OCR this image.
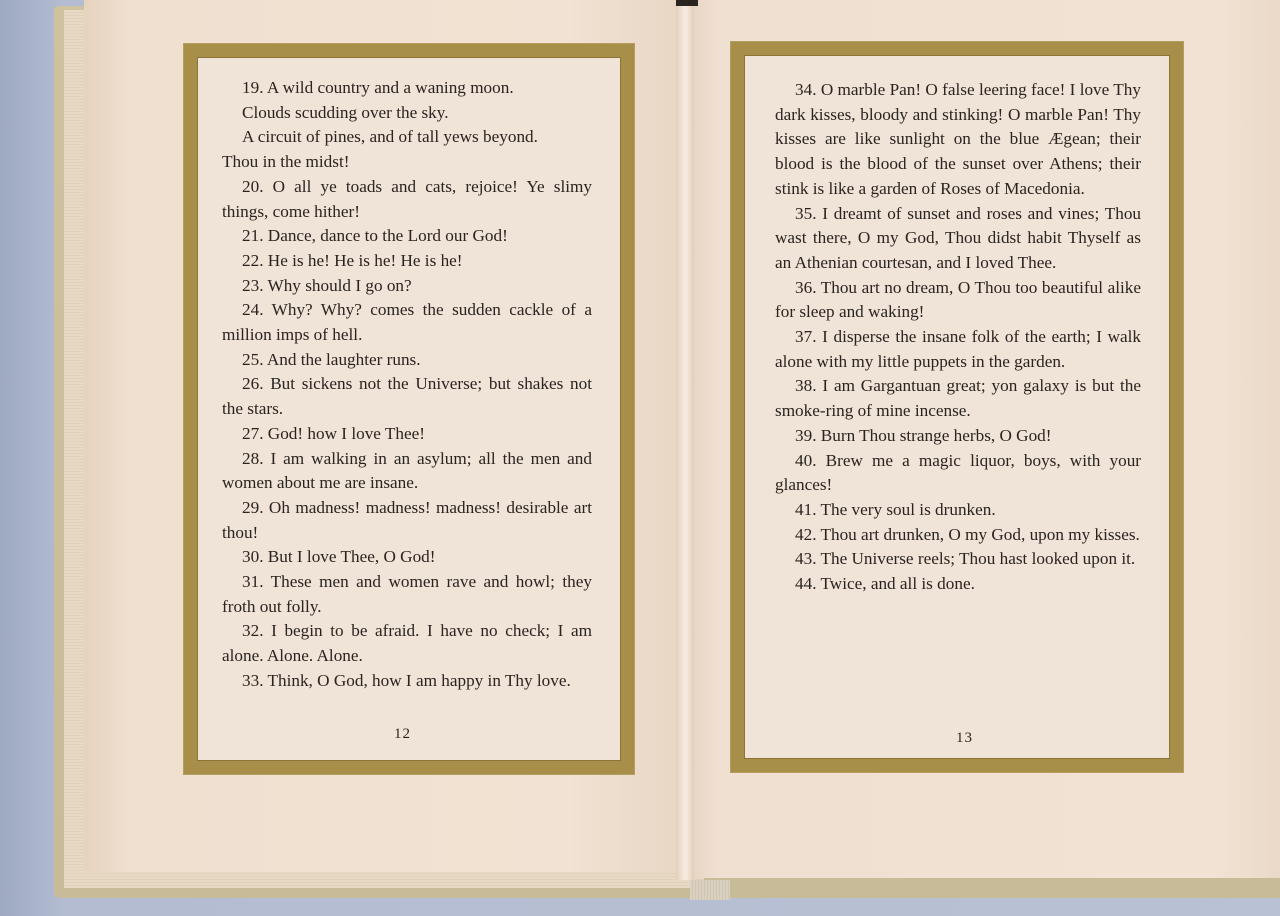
19. A wild country and a waning moon.
Clouds scudding over the sky.
A circuit of pines, and of tall yews beyond.
Thou in the midst!

20. O all ye toads and cats, rejoice! Ye slimy things, come hither!

21. Dance, dance to the Lord our God!

22. He is he! He is he! He is he!

23. Why should I go on?

24. Why? Why? comes the sudden cackle of a million imps of hell.

25. And the laughter runs.

26. But sickens not the Universe; but shakes not the stars.

27. God! how I love Thee!

28. I am walking in an asylum; all the men and women about me are insane.

29. Oh madness! madness! madness! desirable art thou!

30. But I love Thee, O God!

31. These men and women rave and howl; they froth out folly.

32. I begin to be afraid. I have no check; I am alone. Alone. Alone.

33. Think, O God, how I am happy in Thy love.

12

34. O marble Pan! O false leering face! I love Thy dark kisses, bloody and stinking! O marble Pan! Thy kisses are like sunlight on the blue Ægean; their blood is the blood of the sunset over Athens; their stink is like a garden of Roses of Macedonia.

35. I dreamt of sunset and roses and vines; Thou wast there, O my God, Thou didst habit Thyself as an Athenian courtesan, and I loved Thee.

36. Thou art no dream, O Thou too beautiful alike for sleep and waking!

37. I disperse the insane folk of the earth; I walk alone with my little puppets in the garden.

38. I am Gargantuan great; yon galaxy is but the smoke-ring of mine incense.

39. Burn Thou strange herbs, O God!

40. Brew me a magic liquor, boys, with your glances!

41. The very soul is drunken.

42. Thou art drunken, O my God, upon my kisses.

43. The Universe reels; Thou hast looked upon it.

44. Twice, and all is done.

13
